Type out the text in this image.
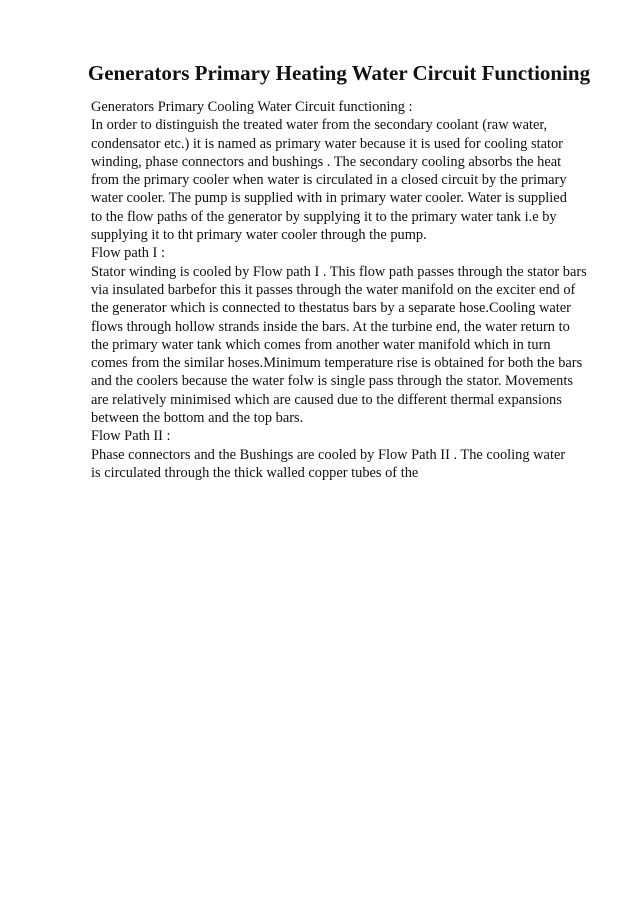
Generators Primary Heating Water Circuit Functioning

Generators Primary Cooling Water Circuit functioning :

In order to distinguish the treated water from the secondary coolant (raw water,

condensator etc.) it is named as primary water because it is used for cooling stator

winding, phase connectors and bushings . The secondary cooling absorbs the heat

from the primary cooler when water is circulated in a closed circuit by the primary

water cooler. The pump is supplied with in primary water cooler. Water is supplied

to the flow paths of the generator by supplying it to the primary water tank i.e by

supplying it to tht primary water cooler through the pump.

Flow path I :

Stator winding is cooled by Flow path I . This flow path passes through the stator bars

via insulated barbefor this it passes through the water manifold on the exciter end of

the generator which is connected to thestatus bars by a separate hose.Cooling water

flows through hollow strands inside the bars. At the turbine end, the water return to

the primary water tank which comes from another water manifold which in turn

comes from the similar hoses.Minimum temperature rise is obtained for both the bars

and the coolers because the water folw is single pass through the stator. Movements

are relatively minimised which are caused due to the different thermal expansions

between the bottom and the top bars.

Flow Path II :

Phase connectors and the Bushings are cooled by Flow Path II . The cooling water

is circulated through the thick walled copper tubes of the
